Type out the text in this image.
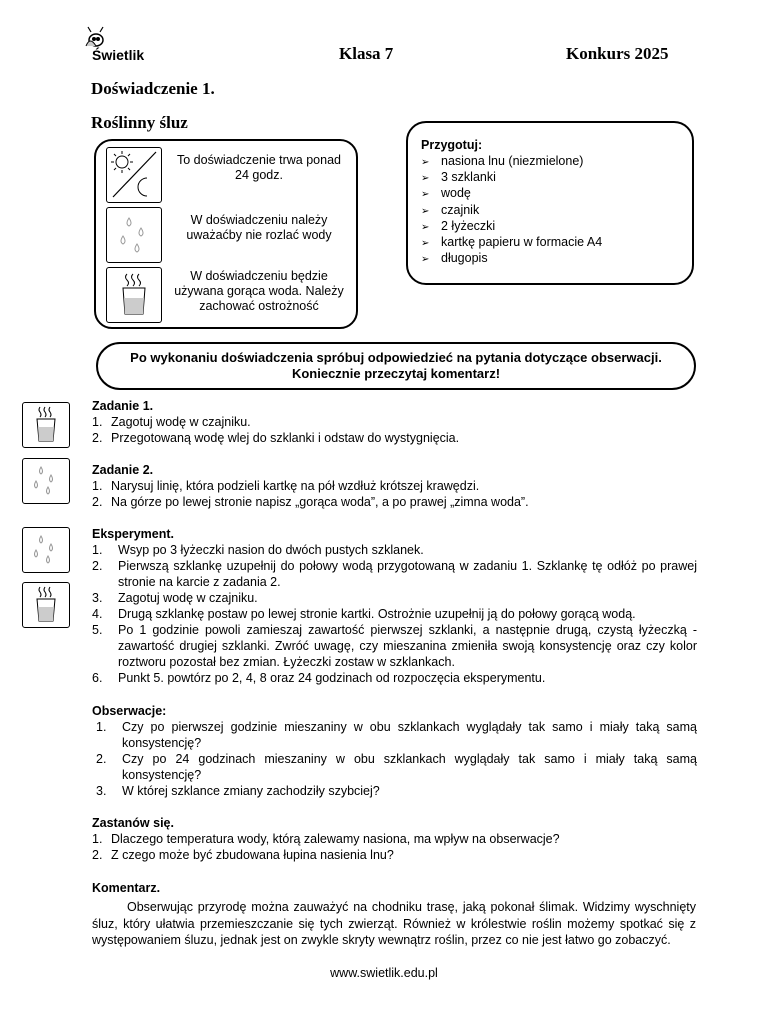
Świetlik	Klasa 7	Konkurs 2025
Doświadczenie 1.
Roślinny śluz
To doświadczenie trwa ponad 24 godz.
W doświadczeniu należy uważaćby nie rozlać wody
W doświadczeniu będzie używana gorąca woda. Należy zachować ostrożność
Przygotuj:
➢ nasiona lnu (niezmielone)
➢ 3 szklanki
➢ wodę
➢ czajnik
➢ 2 łyżeczki
➢ kartkę papieru w formacie A4
➢ długopis
Po wykonaniu doświadczenia spróbuj odpowiedzieć na pytania dotyczące obserwacji.
Koniecznie przeczytaj komentarz!
Zadanie 1.
1. Zagotuj wodę w czajniku.
2. Przegotowaną wodę wlej do szklanki i odstaw do wystygnięcia.
Zadanie 2.
1. Narysuj linię, która podzieli kartkę na pół wzdłuż krótszej krawędzi.
2. Na górze po lewej stronie napisz „gorąca woda”, a po prawej „zimna woda”.
Eksperyment.
1. Wsyp po 3 łyżeczki nasion do dwóch pustych szklanek.
2. Pierwszą szklankę uzupełnij do połowy wodą przygotowaną w zadaniu 1. Szklankę tę odłóż po prawej stronie na karcie z zadania 2.
3. Zagotuj wodę w czajniku.
4. Drugą szklankę postaw po lewej stronie kartki. Ostrożnie uzupełnij ją do połowy gorącą wodą.
5. Po 1 godzinie powoli zamieszaj zawartość pierwszej szklanki, a następnie drugą, czystą łyżeczką - zawartość drugiej szklanki. Zwróć uwagę, czy mieszanina zmieniła swoją konsystencję oraz czy kolor roztworu pozostał bez zmian. Łyżeczki zostaw w szklankach.
6. Punkt 5. powtórz po 2, 4, 8 oraz 24 godzinach od rozpoczęcia eksperymentu.
Obserwacje:
1. Czy po pierwszej godzinie mieszaniny w obu szklankach wyglądały tak samo i miały taką samą konsystencję?
2. Czy po 24 godzinach mieszaniny w obu szklankach wyglądały tak samo i miały taką samą konsystencję?
3. W której szklance zmiany zachodziły szybciej?
Zastanów się.
1. Dlaczego temperatura wody, którą zalewamy nasiona, ma wpływ na obserwacje?
2. Z czego może być zbudowana łupina nasienia lnu?
Komentarz.
Obserwując przyrodę można zauważyć na chodniku trasę, jaką pokonał ślimak. Widzimy wyschnięty śluz, który ułatwia przemieszczanie się tych zwierząt. Również w królestwie roślin możemy spotkać się z występowaniem śluzu, jednak jest on zwykle skryty wewnątrz roślin, przez co nie jest łatwo go zobaczyć.
www.swietlik.edu.pl
